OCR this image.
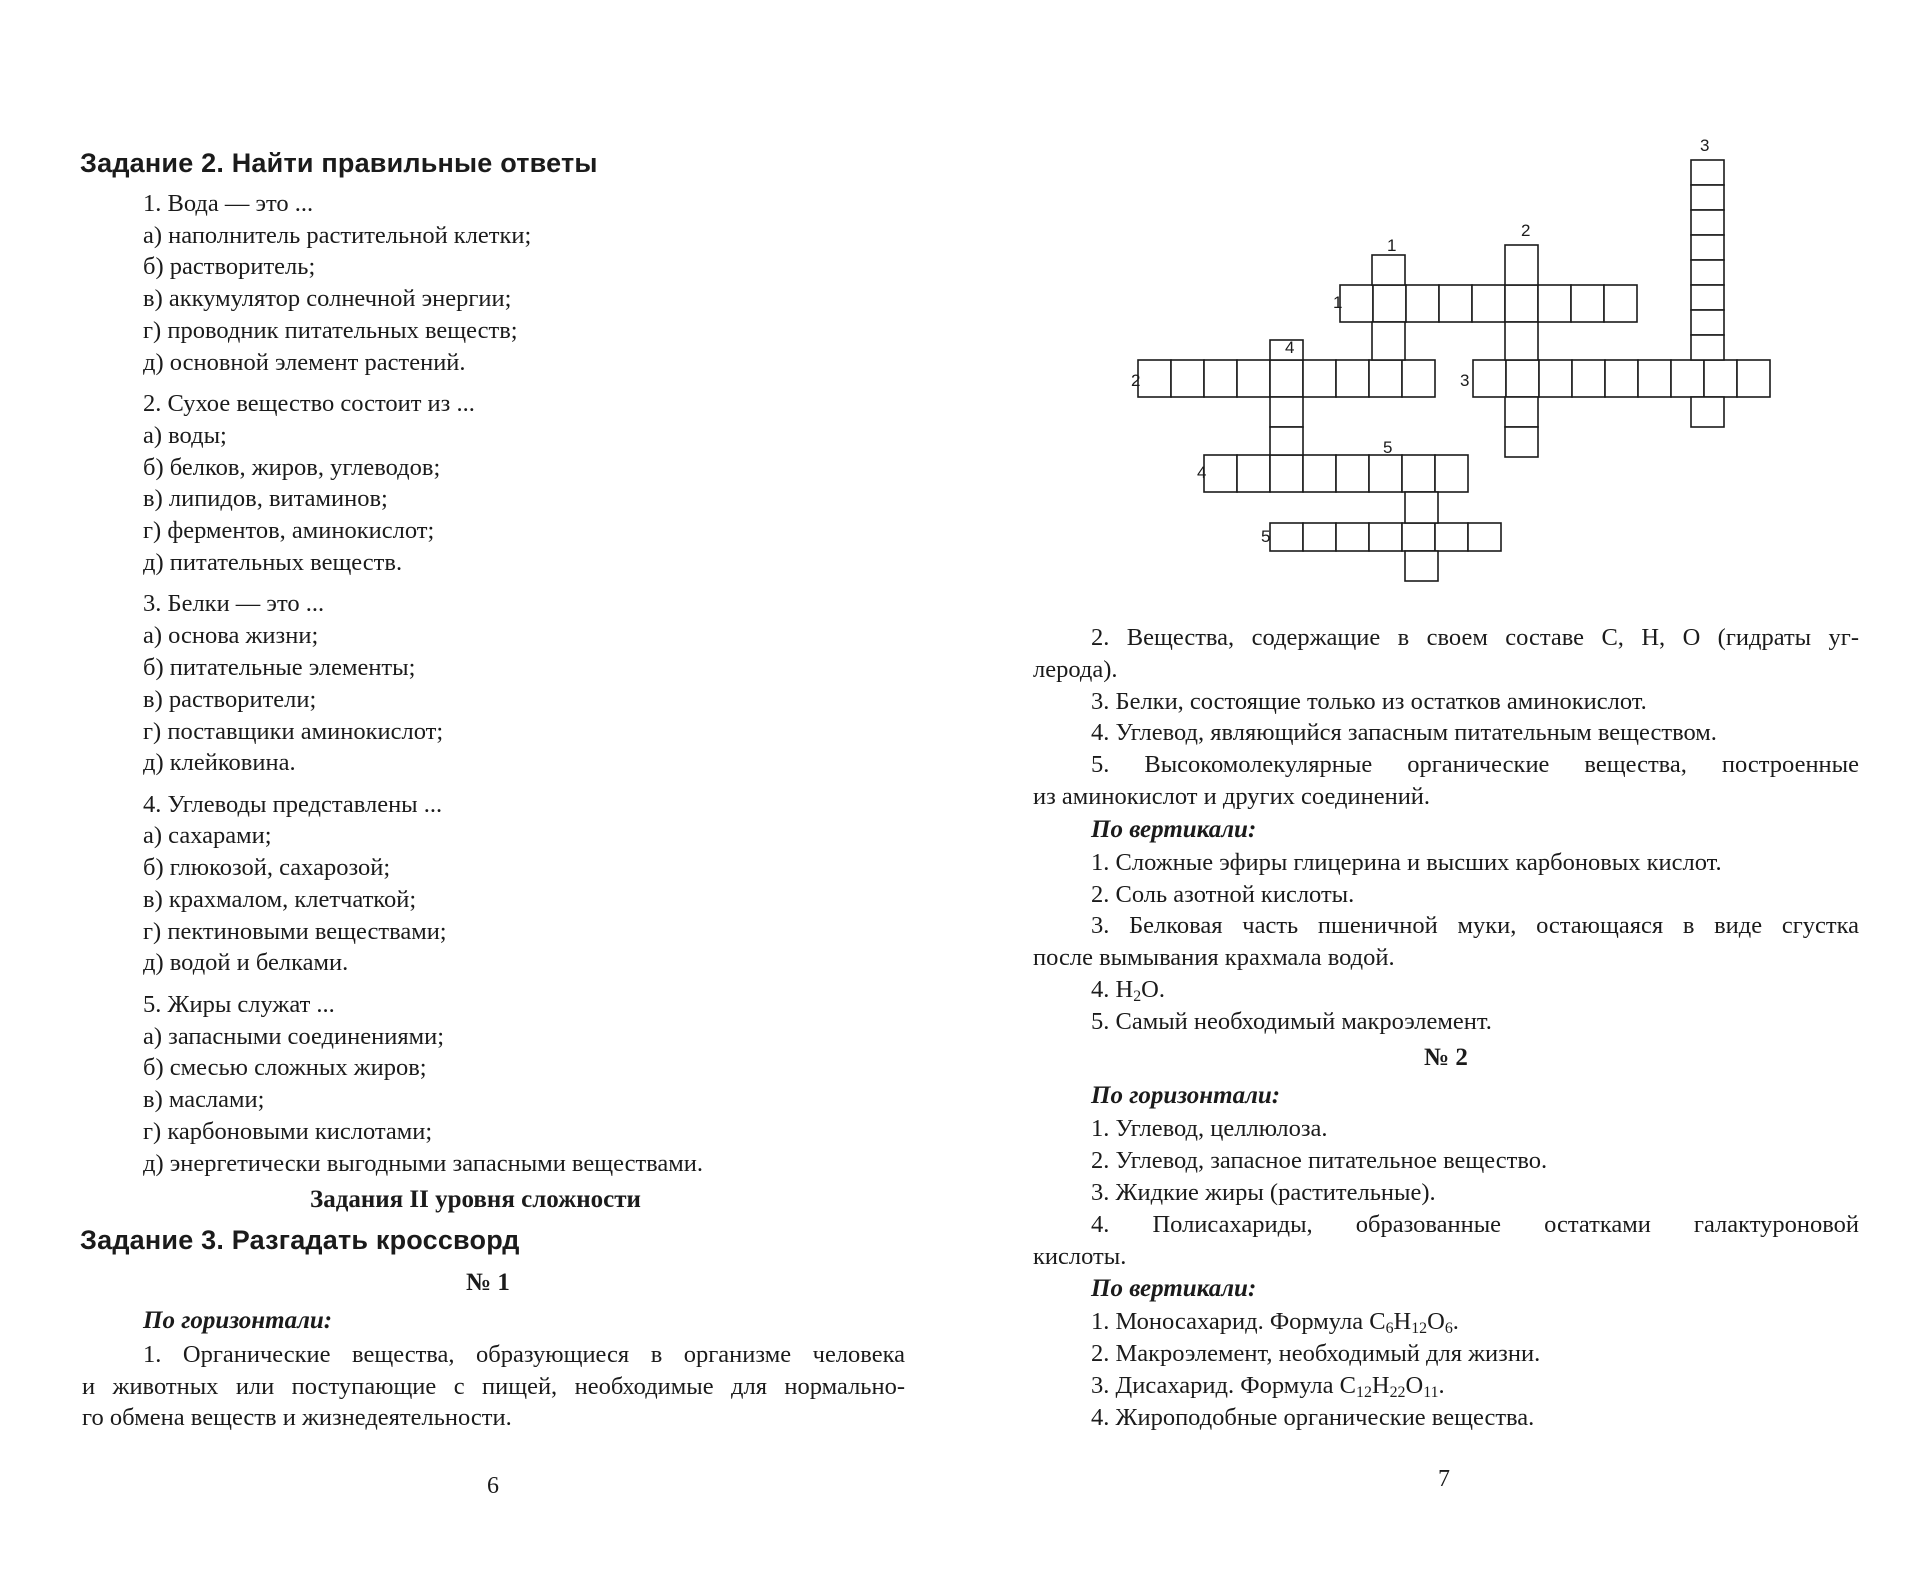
Задание 2. Найти правильные ответы
1. Вода — это ...
а) наполнитель растительной клетки;
б) растворитель;
в) аккумулятор солнечной энергии;
г) проводник питательных веществ;
д) основной элемент растений.
2. Сухое вещество состоит из ...
а) воды;
б) белков, жиров, углеводов;
в) липидов, витаминов;
г) ферментов, аминокислот;
д) питательных веществ.
3. Белки — это ...
а) основа жизни;
б) питательные элементы;
в) растворители;
г) поставщики аминокислот;
д) клейковина.
4. Углеводы представлены ...
а) сахарами;
б) глюкозой, сахарозой;
в) крахмалом, клетчаткой;
г) пектиновыми веществами;
д) водой и белками.
5. Жиры служат ...
а) запасными соединениями;
б) смесью сложных жиров;
в) маслами;
г) карбоновыми кислотами;
д) энергетически выгодными запасными веществами.
Задания II уровня сложности
Задание 3. Разгадать кроссворд
№ 1
По горизонтали:
1. Органические вещества, образующиеся в организме человека
и животных или поступающие с пищей, необходимые для нормально-
го обмена веществ и жизнедеятельности.
6
1
2
3
4
5
1
2	3
4
5
2. Вещества, содержащие в своем составе С, Н, О (гидраты уг-
лерода).
3. Белки, состоящие только из остатков аминокислот.
4. Углевод, являющийся запасным питательным веществом.
5. Высокомолекулярные органические вещества, построенные
из аминокислот и других соединений.
По вертикали:
1. Сложные эфиры глицерина и высших карбоновых кислот.
2. Соль азотной кислоты.
3. Белковая часть пшеничной муки, остающаяся в виде сгустка
после вымывания крахмала водой.
4. $Н_2О$.
5. Самый необходимый макроэлемент.
№ 2
По горизонтали:
1. Углевод, целлюлоза.
2. Углевод, запасное питательное вещество.
3. Жидкие жиры (растительные).
4. Полисахариды, образованные остатками галактуроновой
кислоты.
По вертикали:
1. Моносахарид. Формула $С_6Н_{12}О_6$.
2. Макроэлемент, необходимый для жизни.
3. Дисахарид. Формула $С_{12}Н_{22}О_{11}$.
4. Жироподобные органические вещества.
7
